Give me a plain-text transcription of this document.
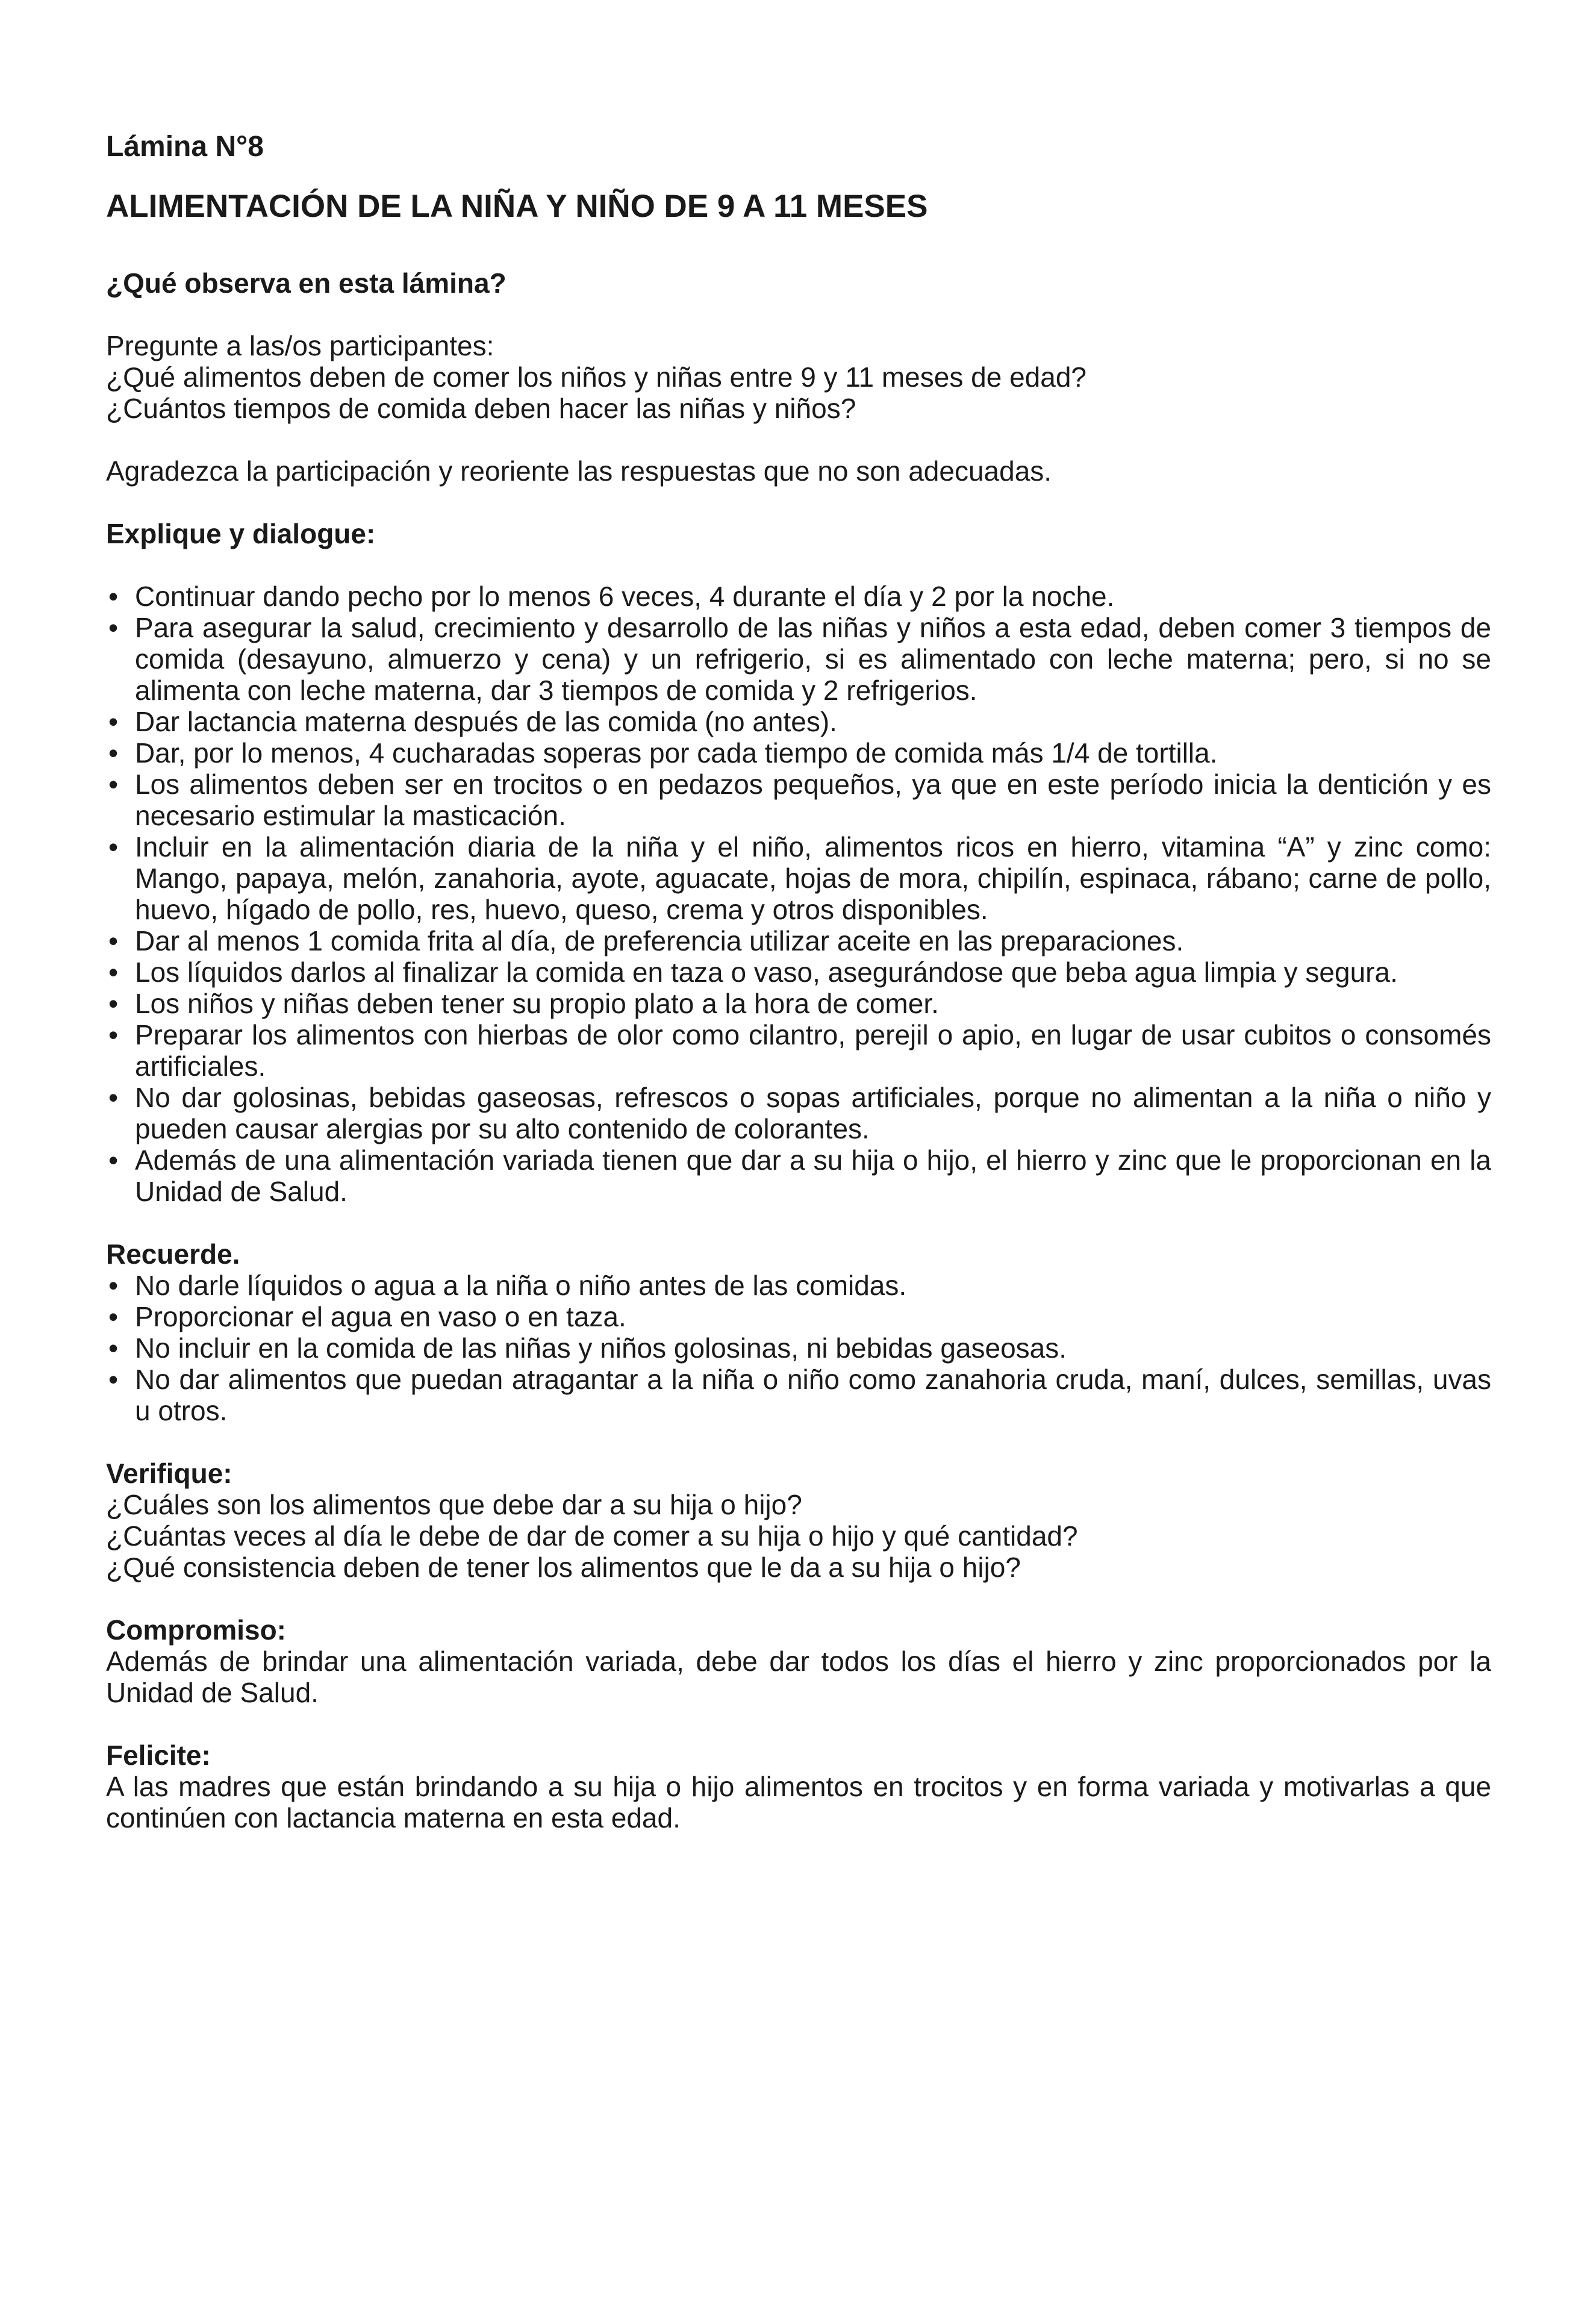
Lámina N°8
ALIMENTACIÓN DE LA NIÑA Y NIÑO DE 9 A 11 MESES
¿Qué observa en esta lámina?

Pregunte a las/os participantes:

¿Qué alimentos deben de comer los niños y niñas entre 9 y 11 meses de edad?

¿Cuántos tiempos de comida deben hacer las niñas y niños?

Agradezca la participación y reoriente las respuestas que no son adecuadas.

Explique y dialogue:
• Continuar dando pecho por lo menos 6 veces, 4 durante el día y 2 por la noche.
• Para asegurar la salud, crecimiento y desarrollo de las niñas y niños a esta edad, deben comer 3 tiempos de comida (desayuno, almuerzo y cena) y un refrigerio, si es alimentado con leche materna; pero, si no se alimenta con leche materna, dar 3 tiempos de comida y 2 refrigerios.
• Dar lactancia materna después de las comida (no antes).
• Dar, por lo menos, 4 cucharadas soperas por cada tiempo de comida más 1/4 de tortilla.
• Los alimentos deben ser en trocitos o en pedazos pequeños, ya que en este período inicia la dentición y es necesario estimular la masticación.
• Incluir en la alimentación diaria de la niña y el niño, alimentos ricos en hierro, vitamina “A” y zinc como: Mango, papaya, melón, zanahoria, ayote, aguacate, hojas de mora, chipilín, espinaca, rábano; carne de pollo, huevo, hígado de pollo, res, huevo, queso, crema y otros disponibles.
• Dar al menos 1 comida frita al día, de preferencia utilizar aceite en las preparaciones.
• Los líquidos darlos al finalizar la comida en taza o vaso, asegurándose que beba agua limpia y segura.
• Los niños y niñas deben tener su propio plato a la hora de comer.
• Preparar los alimentos con hierbas de olor como cilantro, perejil o apio, en lugar de usar cubitos o consomés artificiales.
• No dar golosinas, bebidas gaseosas, refrescos o sopas artificiales, porque no alimentan a la niña o niño y pueden causar alergias por su alto contenido de colorantes.
• Además de una alimentación variada tienen que dar a su hija o hijo, el hierro y zinc que le proporcionan en la Unidad de Salud.
Recuerde.
• No darle líquidos o agua a la niña o niño antes de las comidas.
• Proporcionar el agua en vaso o en taza.
• No incluir en la comida de las niñas y niños golosinas, ni bebidas gaseosas.
• No dar alimentos que puedan atragantar a la niña o niño como zanahoria cruda, maní, dulces, semillas, uvas u otros.
Verifique:

¿Cuáles son los alimentos que debe dar a su hija o hijo?

¿Cuántas veces al día le debe de dar de comer a su hija o hijo y qué cantidad?

¿Qué consistencia deben de tener los alimentos que le da a su hija o hijo?

Compromiso:

Además de brindar una alimentación variada, debe dar todos los días el hierro y zinc proporcionados por la Unidad de Salud.

Felicite:

A las madres que están brindando a su hija o hijo alimentos en trocitos y en forma variada y motivarlas a que continúen con lactancia materna en esta edad.
